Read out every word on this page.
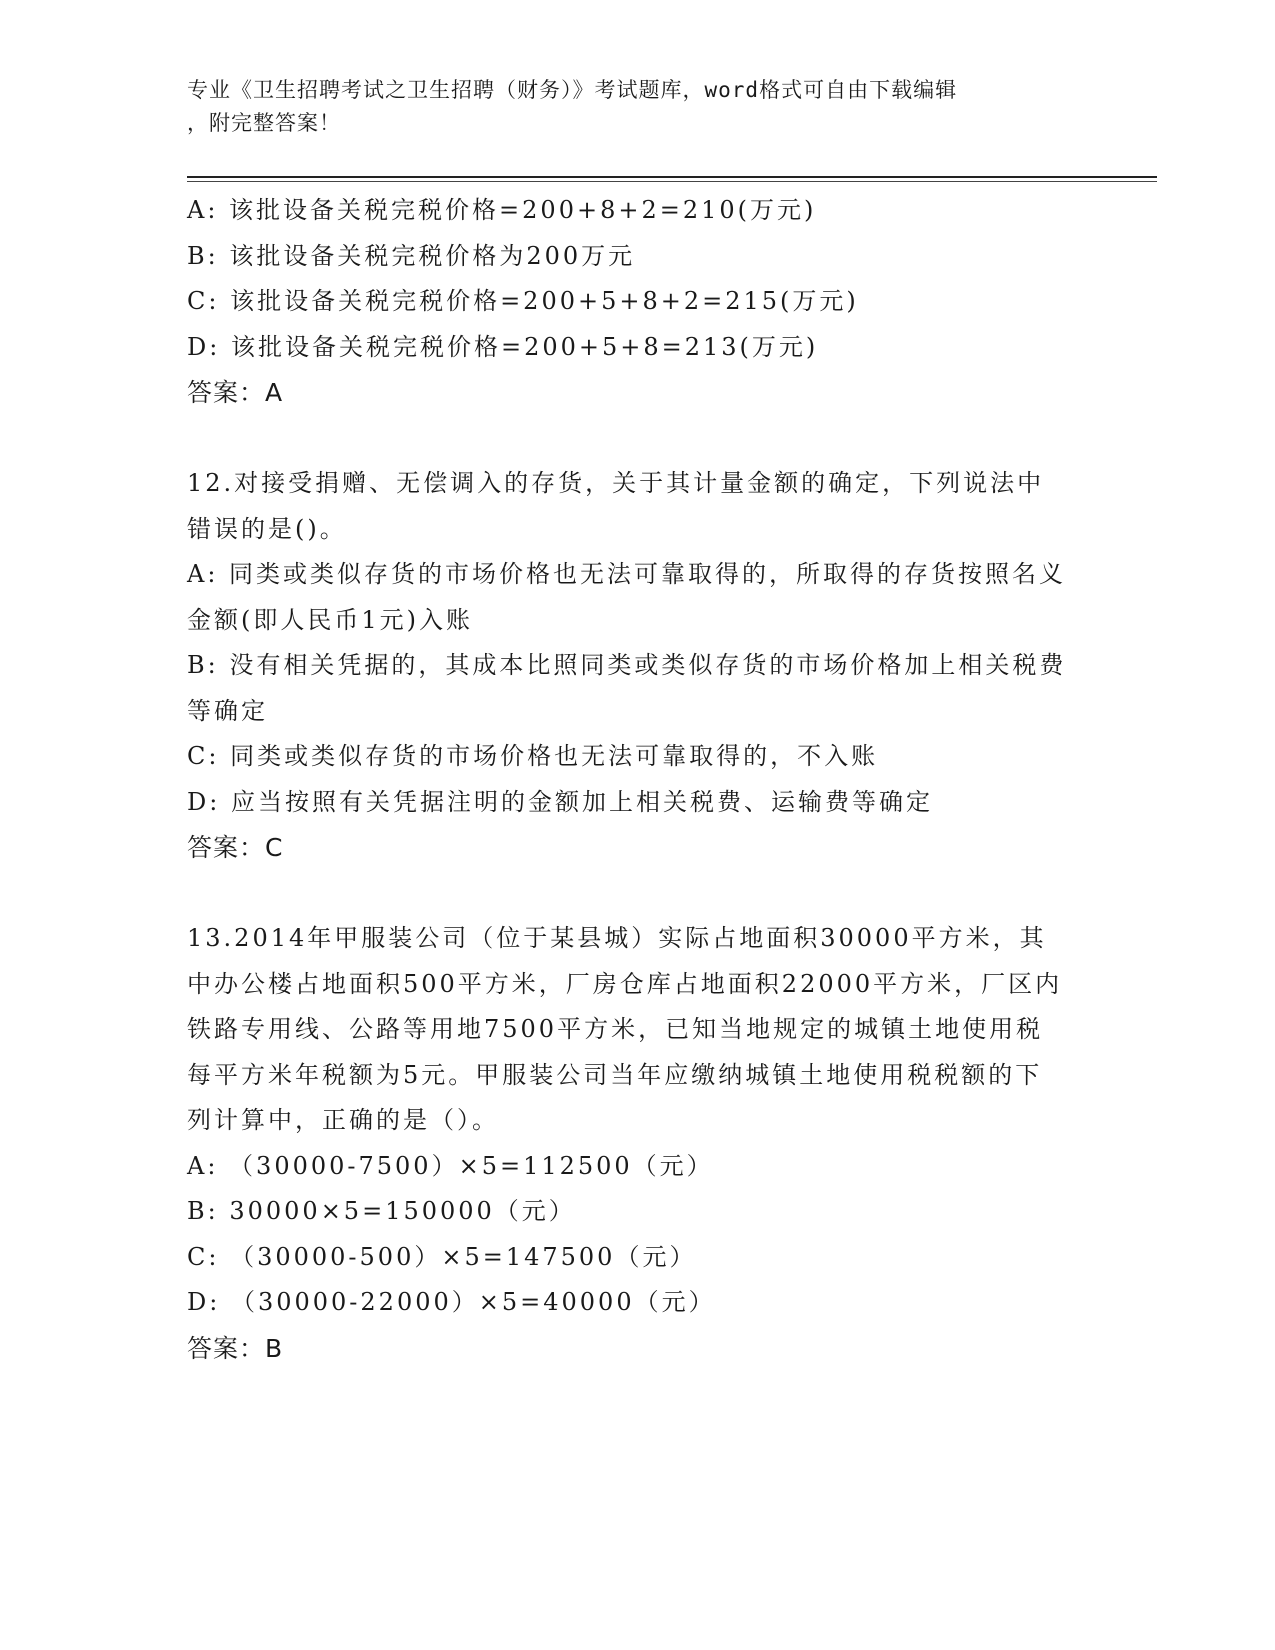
专业《卫生招聘考试之卫生招聘（财务）》考试题库，word格式可自由下载编辑
，附完整答案！
A: 该批设备关税完税价格=200+8+2=210(万元)
B: 该批设备关税完税价格为200万元
C: 该批设备关税完税价格=200+5+8+2=215(万元)
D: 该批设备关税完税价格=200+5+8=213(万元)
答案：A
12.对接受捐赠、无偿调入的存货，关于其计量金额的确定，下列说法中错误的是()。
A: 同类或类似存货的市场价格也无法可靠取得的，所取得的存货按照名义金额(即人民币1元)入账
B: 没有相关凭据的，其成本比照同类或类似存货的市场价格加上相关税费等确定
C: 同类或类似存货的市场价格也无法可靠取得的，不入账
D: 应当按照有关凭据注明的金额加上相关税费、运输费等确定
答案：C
13.2014年甲服装公司（位于某县城）实际占地面积30000平方米，其中办公楼占地面积500平方米，厂房仓库占地面积22000平方米，厂区内铁路专用线、公路等用地7500平方米，已知当地规定的城镇土地使用税每平方米年税额为5元。甲服装公司当年应缴纳城镇土地使用税税额的下列计算中，正确的是（）。
A: （30000-7500）×5=112500（元）
B: 30000×5=150000（元）
C: （30000-500）×5=147500（元）
D: （30000-22000）×5=40000（元）
答案：B
